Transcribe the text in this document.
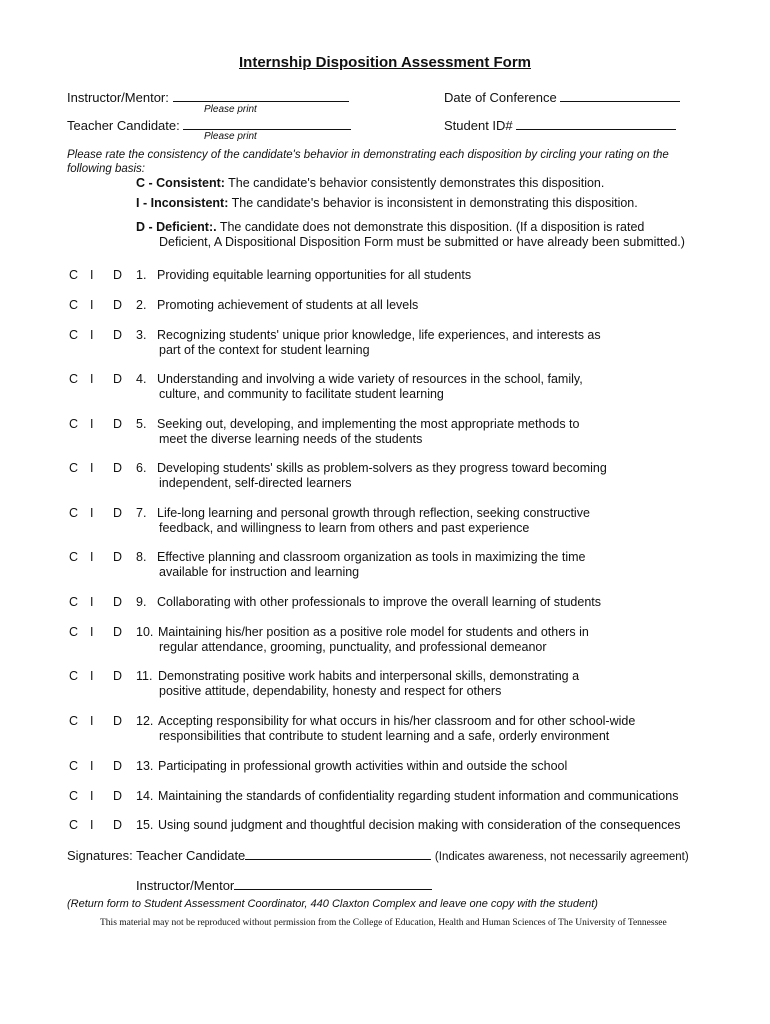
Internship Disposition Assessment Form
Instructor/Mentor:
Please print
Date of Conference
Teacher Candidate:
Please print
Student ID#
Please rate the consistency of the candidate's behavior in demonstrating each disposition by circling your rating on the following basis:
C - Consistent: The candidate's behavior consistently demonstrates this disposition.
I - Inconsistent: The candidate's behavior is inconsistent in demonstrating this disposition.
D - Deficient:. The candidate does not demonstrate this disposition. (If a disposition is rated
Deficient, A Dispositional Disposition Form must be submitted or have already been submitted.)
C I D 1. Providing equitable learning opportunities for all students
C I D 2. Promoting achievement of students at all levels
C I D 3. Recognizing students' unique prior knowledge, life experiences, and interests as
part of the context for student learning
C I D 4. Understanding and involving a wide variety of resources in the school, family,
culture, and community to facilitate student learning
C I D 5. Seeking out, developing, and implementing the most appropriate methods to
meet the diverse learning needs of the students
C I D 6. Developing students' skills as problem-solvers as they progress toward becoming
independent, self-directed learners
C I D 7. Life-long learning and personal growth through reflection, seeking constructive
feedback, and willingness to learn from others and past experience
C I D 8. Effective planning and classroom organization as tools in maximizing the time
available for instruction and learning
C I D 9. Collaborating with other professionals to improve the overall learning of students
C I D 10. Maintaining his/her position as a positive role model for students and others in
regular attendance, grooming, punctuality, and professional demeanor
C I D 11. Demonstrating positive work habits and interpersonal skills, demonstrating a
positive attitude, dependability, honesty and respect for others
C I D 12. Accepting responsibility for what occurs in his/her classroom and for other school-wide
responsibilities that contribute to student learning and a safe, orderly environment
C I D 13. Participating in professional growth activities within and outside the school
C I D 14. Maintaining the standards of confidentiality regarding student information and communications
C I D 15. Using sound judgment and thoughtful decision making with consideration of the consequences
Signatures: Teacher Candidate	(Indicates awareness, not necessarily agreement)
Instructor/Mentor
(Return form to Student Assessment Coordinator, 440 Claxton Complex and leave one copy with the student)
This material may not be reproduced without permission from the College of Education, Health and Human Sciences of The University of Tennessee
